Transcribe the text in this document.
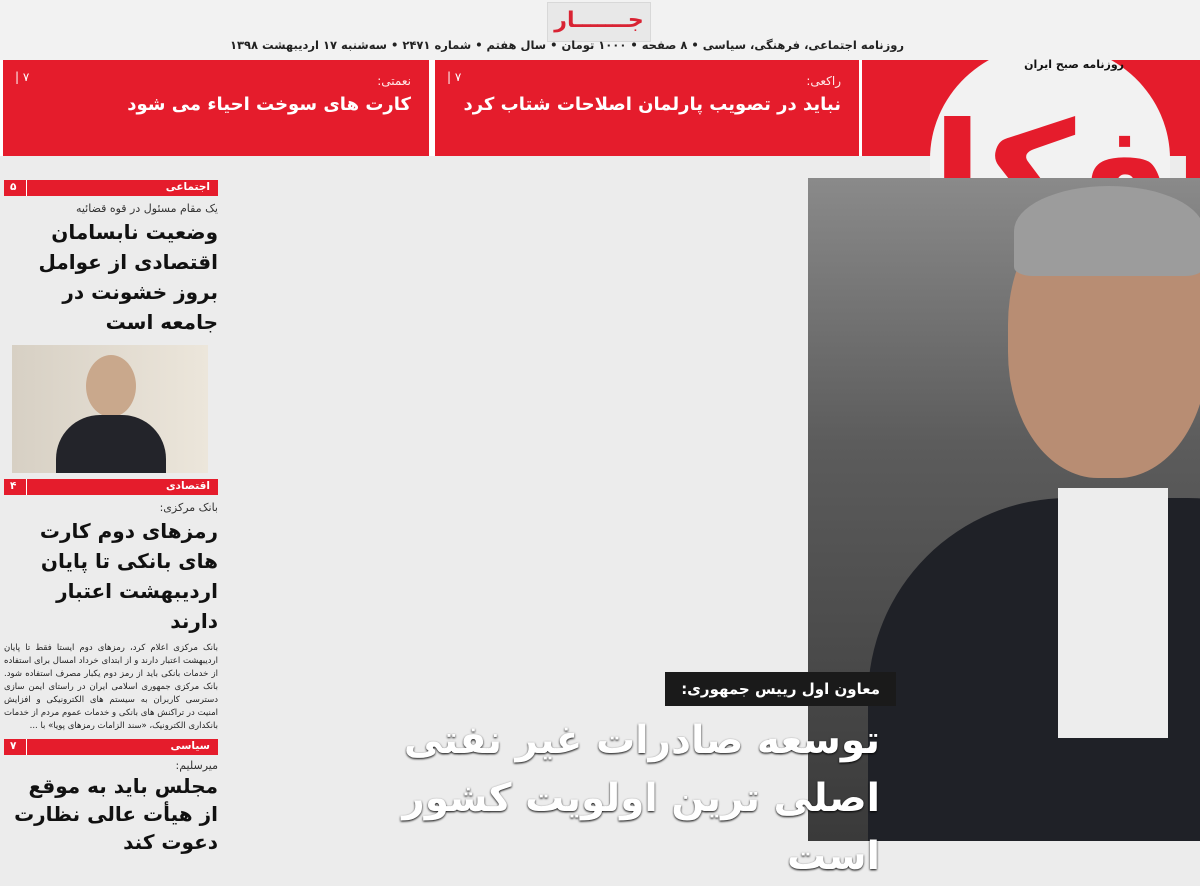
جـــــــار
روزنامه اجتماعی، فرهنگی، سیاسی • ۸ صفحه • ۱۰۰۰ تومان • سال هفتم • شماره ۲۴۷۱ • سه‌شنبه ۱۷ اردیبهشت ۱۳۹۸
راکعی:
نباید در تصویب پارلمان اصلاحات شتاب کرد
۷ |
نعمتی:
کارت های سوخت احیاء می شود
۷ |
روزنامه صبح ایران
اجتماعی
۵
یک مقام مسئول در قوه قضائیه
وضعیت نابسامان اقتصادی از عوامل بروز خشونت در جامعه است
اقتصادی
۴
بانک مرکزی:
رمزهای دوم کارت های بانکی تا پایان اردیبهشت اعتبار دارند
بانک مرکزی اعلام کرد، رمزهای دوم ایستا فقط تا پایان اردیبهشت اعتبار دارند و از ابتدای خرداد امسال برای استفاده از خدمات بانکی باید از رمز دوم یکبار مصرف استفاده شود. بانک مرکزی جمهوری اسلامی ایران در راستای ایمن سازی دسترسی کاربران به سیستم های الکترونیکی و افزایش امنیت در تراکنش های بانکی و خدمات عموم مردم از خدمات بانکداری الکترونیک، «سند الزامات رمزهای پویا» با ...
سیاسی
۷
میرسلیم:
مجلس باید به موقع از هیأت عالی نظارت دعوت کند
معاون اول رییس جمهوری:
توسعه صادرات غیر نفتی اصلی ترین اولویت کشور است
